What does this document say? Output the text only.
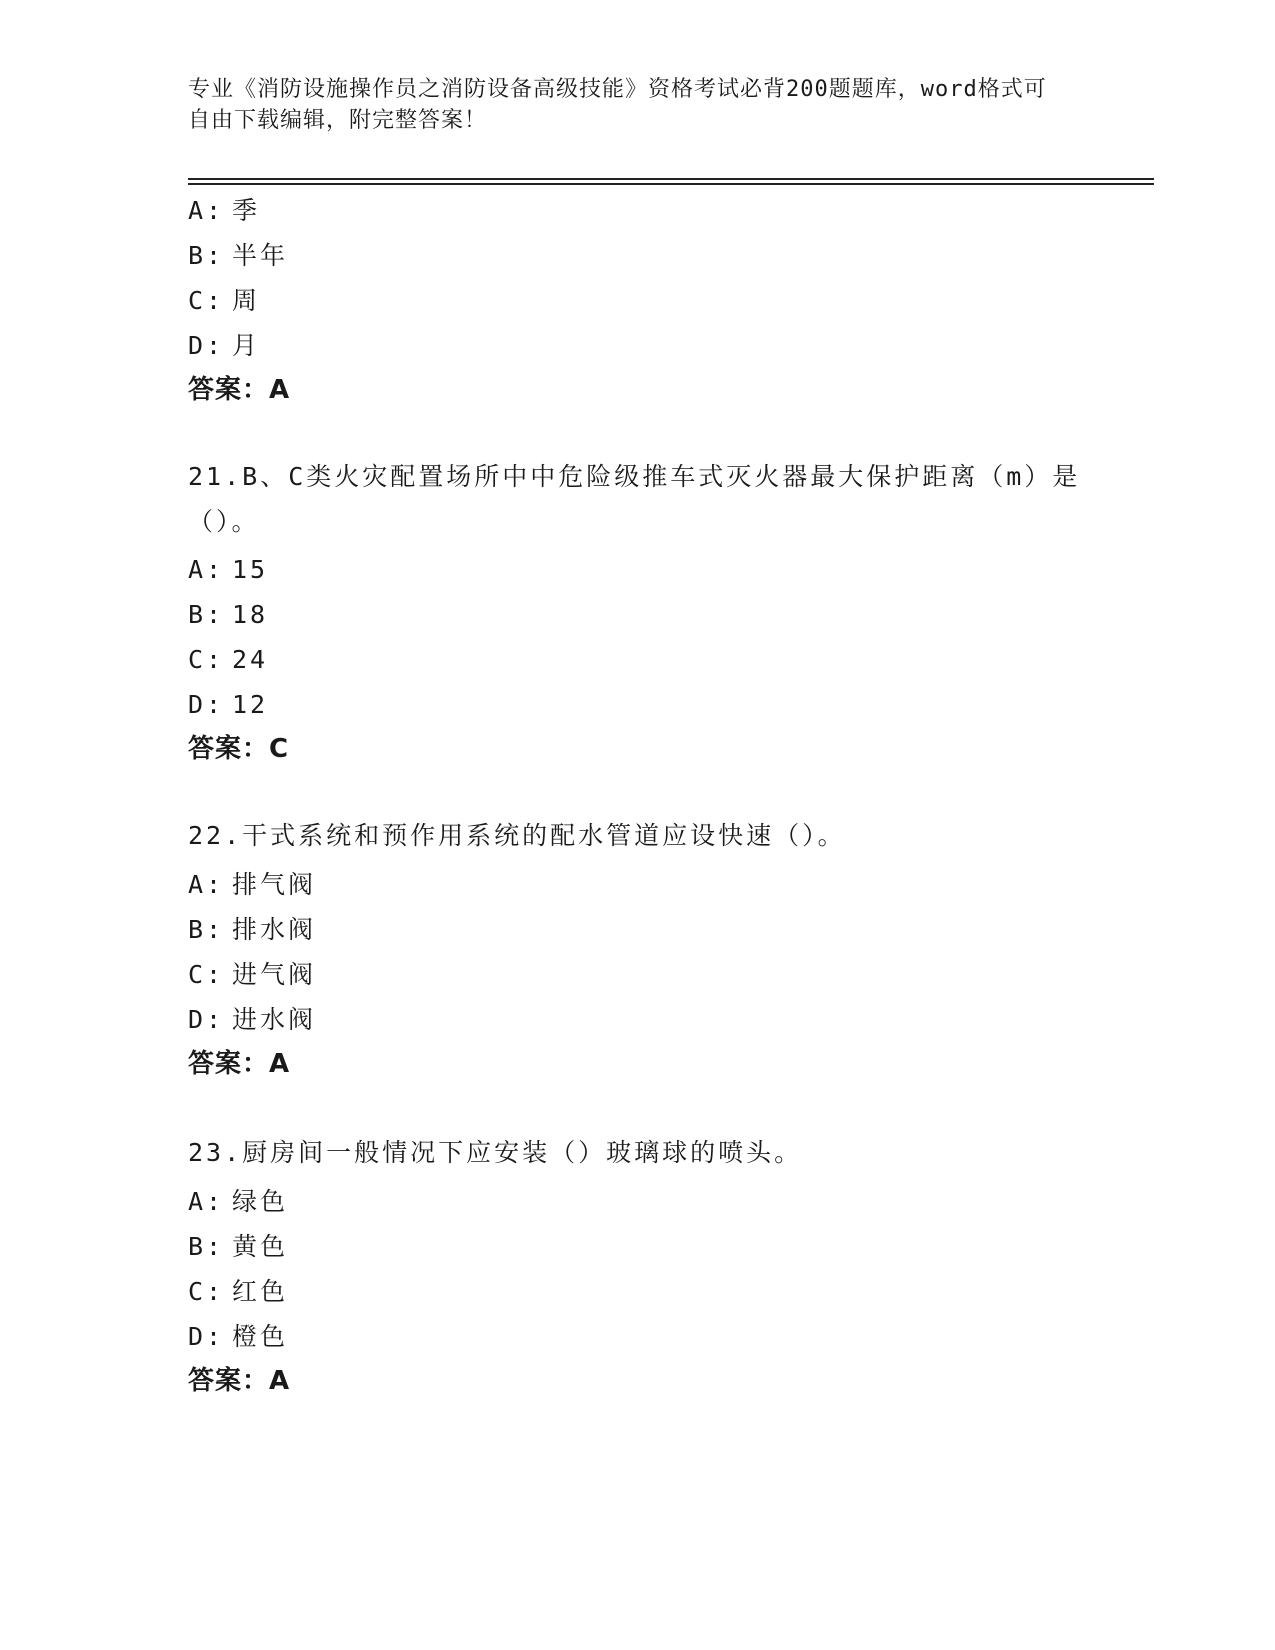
专业《消防设施操作员之消防设备高级技能》资格考试必背200题题库，word格式可自由下载编辑，附完整答案！
A: 季
B: 半年
C: 周
D: 月
答案：A
21.B、C类火灾配置场所中中危险级推车式灭火器最大保护距离（m）是（）。
A: 15
B: 18
C: 24
D: 12
答案：C
22.干式系统和预作用系统的配水管道应设快速（）。
A: 排气阀
B: 排水阀
C: 进气阀
D: 进水阀
答案：A
23.厨房间一般情况下应安装（）玻璃球的喷头。
A: 绿色
B: 黄色
C: 红色
D: 橙色
答案：A
